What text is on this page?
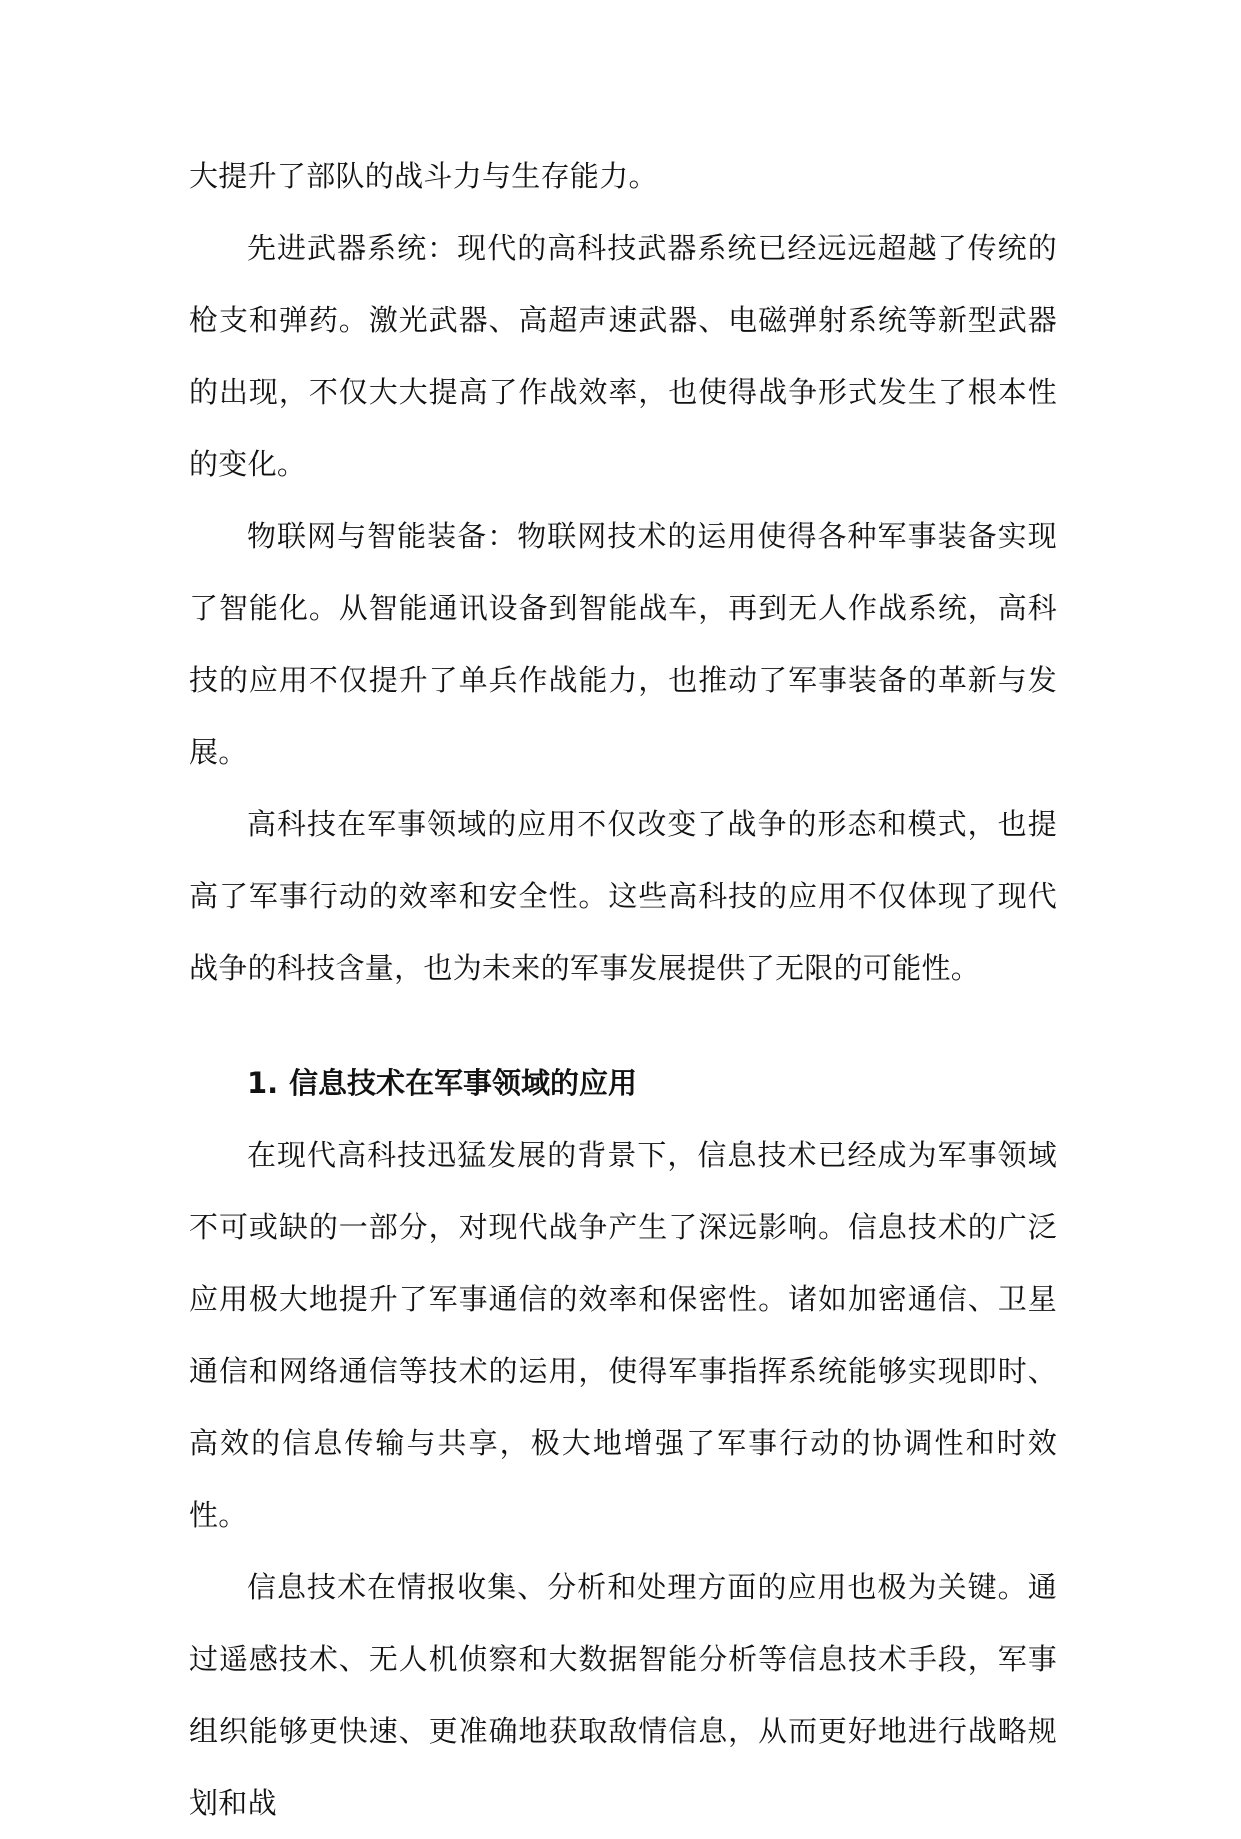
大提升了部队的战斗力与生存能力。

先进武器系统：现代的高科技武器系统已经远远超越了传统的枪支和弹药。激光武器、高超声速武器、电磁弹射系统等新型武器的出现，不仅大大提高了作战效率，也使得战争形式发生了根本性的变化。

物联网与智能装备：物联网技术的运用使得各种军事装备实现了智能化。从智能通讯设备到智能战车，再到无人作战系统，高科技的应用不仅提升了单兵作战能力，也推动了军事装备的革新与发展。

高科技在军事领域的应用不仅改变了战争的形态和模式，也提高了军事行动的效率和安全性。这些高科技的应用不仅体现了现代战争的科技含量，也为未来的军事发展提供了无限的可能性。

1. 信息技术在军事领域的应用

在现代高科技迅猛发展的背景下，信息技术已经成为军事领域不可或缺的一部分，对现代战争产生了深远影响。信息技术的广泛应用极大地提升了军事通信的效率和保密性。诸如加密通信、卫星通信和网络通信等技术的运用，使得军事指挥系统能够实现即时、高效的信息传输与共享，极大地增强了军事行动的协调性和时效性。

信息技术在情报收集、分析和处理方面的应用也极为关键。通过遥感技术、无人机侦察和大数据智能分析等信息技术手段，军事组织能够更快速、更准确地获取敌情信息，从而更好地进行战略规划和战
